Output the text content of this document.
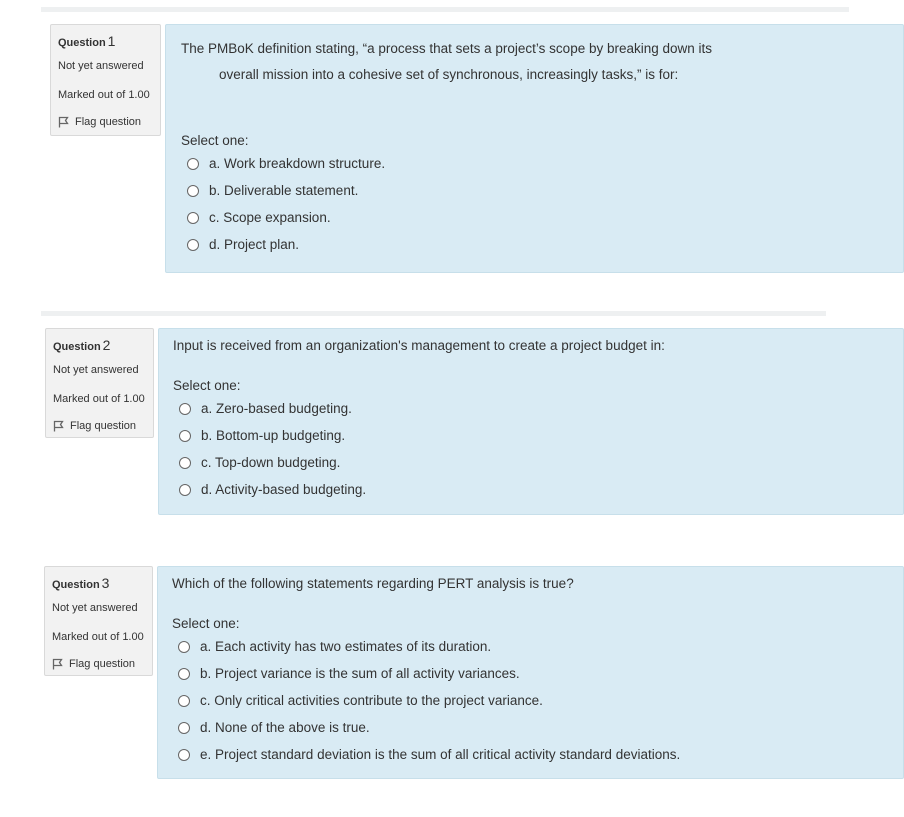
Question 1
Not yet answered
Marked out of 1.00
Flag question
The PMBoK definition stating, “a process that sets a project’s scope by breaking down its
overall mission into a cohesive set of synchronous, increasingly tasks,” is for:
Select one:
a. Work breakdown structure.
b. Deliverable statement.
c. Scope expansion.
d. Project plan.
Question 2
Not yet answered
Marked out of 1.00
Flag question
Input is received from an organization's management to create a project budget in:
Select one:
a. Zero-based budgeting.
b. Bottom-up budgeting.
c. Top-down budgeting.
d. Activity-based budgeting.
Question 3
Not yet answered
Marked out of 1.00
Flag question
Which of the following statements regarding PERT analysis is true?
Select one:
a. Each activity has two estimates of its duration.
b. Project variance is the sum of all activity variances.
c. Only critical activities contribute to the project variance.
d. None of the above is true.
e. Project standard deviation is the sum of all critical activity standard deviations.
